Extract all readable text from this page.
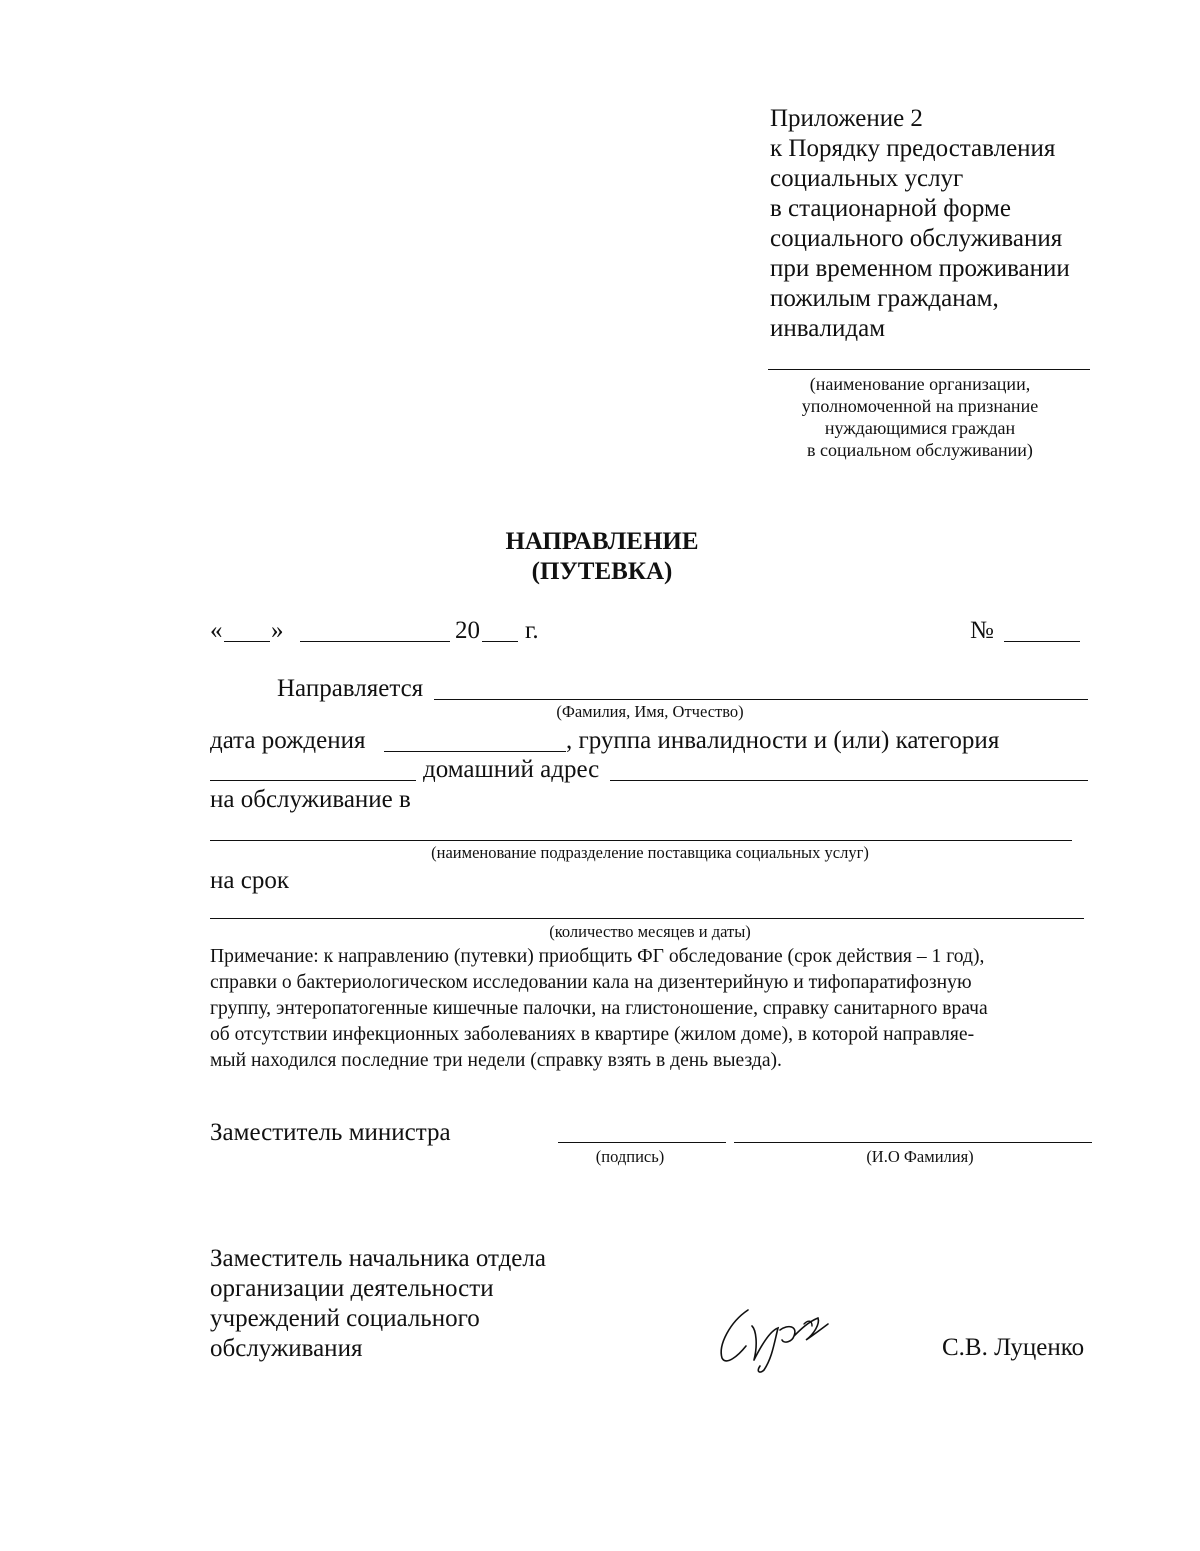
Приложение 2
к Порядку предоставления
социальных услуг
в стационарной форме
социального обслуживания
при временном проживании
пожилым гражданам,
инвалидам
(наименование организации,
уполномоченной на признание
нуждающимися граждан
в социальном обслуживании)
НАПРАВЛЕНИЕ
(ПУТЕВКА)
« »	20 г.	№
Направляется
(Фамилия, Имя, Отчество)
дата рождения	, группа инвалидности и (или) категория
домашний адрес
на обслуживание в
(наименование подразделение поставщика социальных услуг)
на срок
(количество месяцев и даты)
Примечание: к направлению (путевки) приобщить ФГ обследование (срок действия – 1 год),
справки о бактериологическом исследовании кала на дизентерийную и тифопаратифозную
группу, энтеропатогенные кишечные палочки, на глистоношение, справку санитарного врача
об отсутствии инфекционных заболеваниях в квартире (жилом доме), в которой направляе-
мый находился последние три недели (справку взять в день выезда).
Заместитель министра
(подпись)	(И.О Фамилия)
Заместитель начальника отдела
организации деятельности
учреждений социального
обслуживания	С.В. Луценко
